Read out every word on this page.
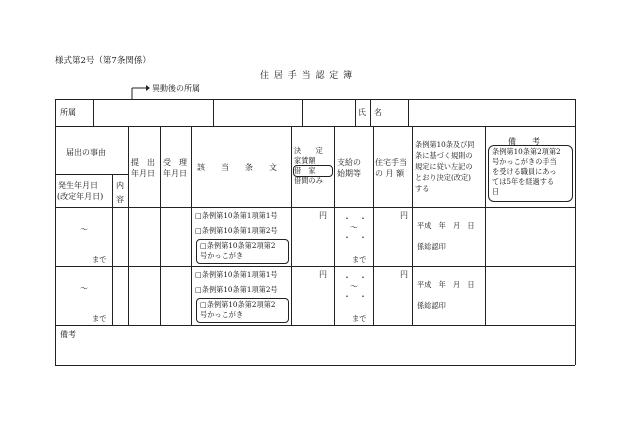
様式第2号（第7条関係）
住 居 手 当 認 定 簿
異動後の所属
所属	氏　名
届出の事由
発生年月日
(改定年月日)
内
容
提　出
年月日
受　理
年月日
該　　当　　条　　文
決　　定
家賃額
借　家
借間のみ
支給の
始期等
住宅手当
の 月 額
条例第10条及び同
条に基づく規則の
規定に従い左記の
とおり決定(改定)
する
備　　考
条例第10条第2項第2
号かっこがきの手当
を受ける職員にあっ
ては5年を経過する
日
～
まで
□条例第10条第1項第1号
□条例第10条第1項第2号
□条例第10条第2項第2
号かっこがき
円 ・　・
～
・　・
まで
円
平成　年　月　日
係総認印
～
まで
□条例第10条第1項第1号
□条例第10条第1項第2号
□条例第10条第2項第2
号かっこがき
円 ・　・
～
・　・
まで
円
平成　年　月　日
係総認印
備考
